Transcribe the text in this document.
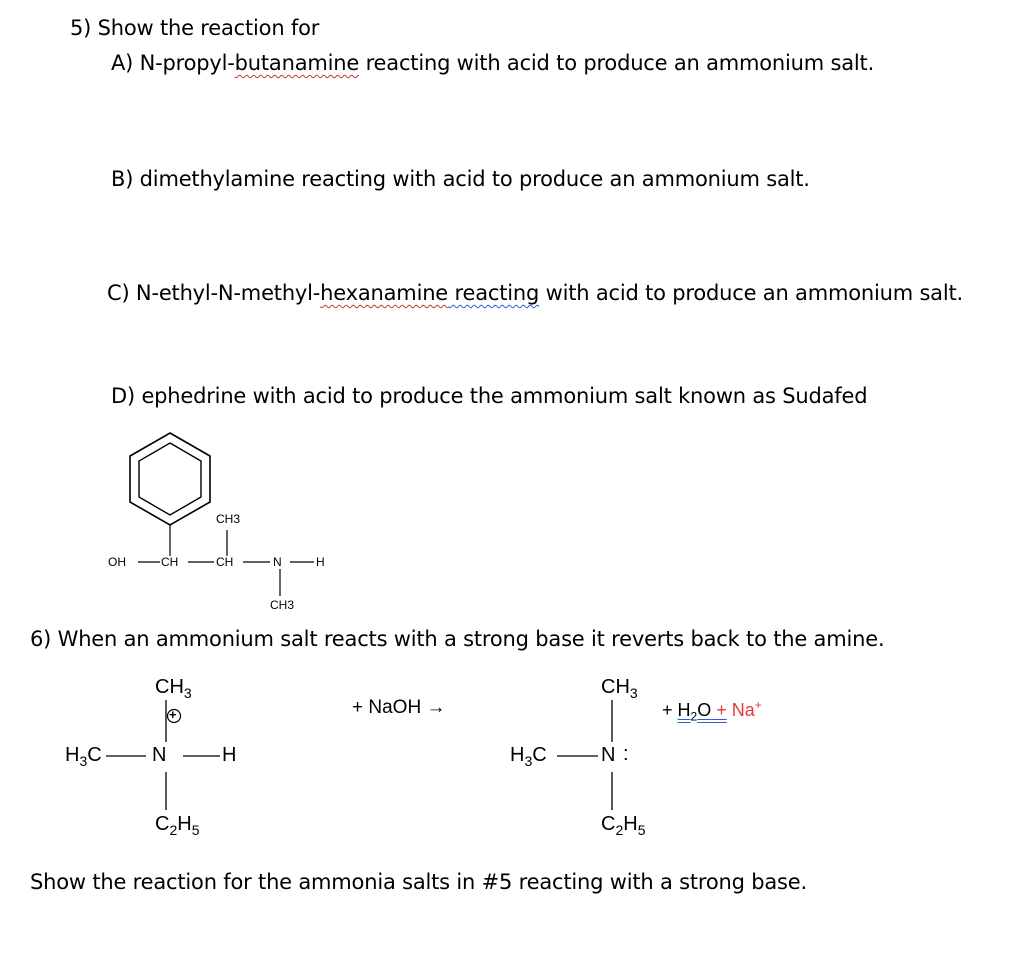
5) Show the reaction for
A) N-propyl-butanamine reacting with acid to produce an ammonium salt.
B) dimethylamine reacting with acid to produce an ammonium salt.
C) N-ethyl-N-methyl-hexanamine reacting with acid to produce an ammonium salt.
D) ephedrine with acid to produce the ammonium salt known as Sudafed
CH3
OH	CH	CH	N	H
CH3
6) When an ammonium salt reacts with a strong base it reverts back to the amine.
$CH_3$
+
$H_3C$	N	H
$C_2H_5$
+ NaOH →
$CH_3$
$H_3C$	N :
$C_2H_5$
+ $H_2O + Na^+$
Show the reaction for the ammonia salts in #5 reacting with a strong base.
